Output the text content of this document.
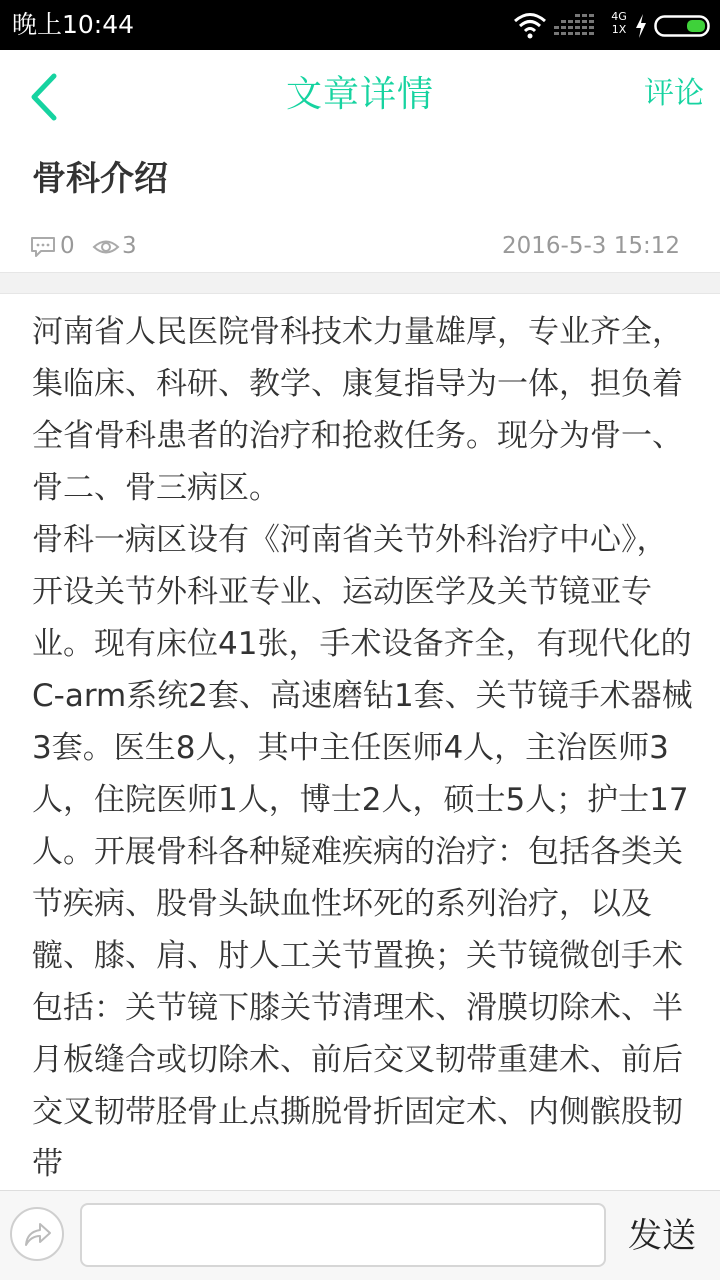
晚上10:44	4G
1X
文章详情	评论
骨科介绍
0 3	2016-5-3 15:12
河南省人民医院骨科技术力量雄厚，专业齐全，集临床、科研、教学、康复指导为一体，担负着全省骨科患者的治疗和抢救任务。现分为骨一、骨二、骨三病区。
骨科一病区设有《河南省关节外科治疗中心》，开设关节外科亚专业、运动医学及关节镜亚专业。现有床位41张，手术设备齐全，有现代化的C-arm系统2套、高速磨钻1套、关节镜手术器械3套。医生8人，其中主任医师4人，主治医师3人，住院医师1人，博士2人，硕士5人；护士17人。开展骨科各种疑难疾病的治疗：包括各类关节疾病、股骨头缺血性坏死的系列治疗，以及髋、膝、肩、肘人工关节置换；关节镜微创手术包括：关节镜下膝关节清理术、滑膜切除术、半月板缝合或切除术、前后交叉韧带重建术、前后交叉韧带胫骨止点撕脱骨折固定术、内侧髌股韧带
发送
